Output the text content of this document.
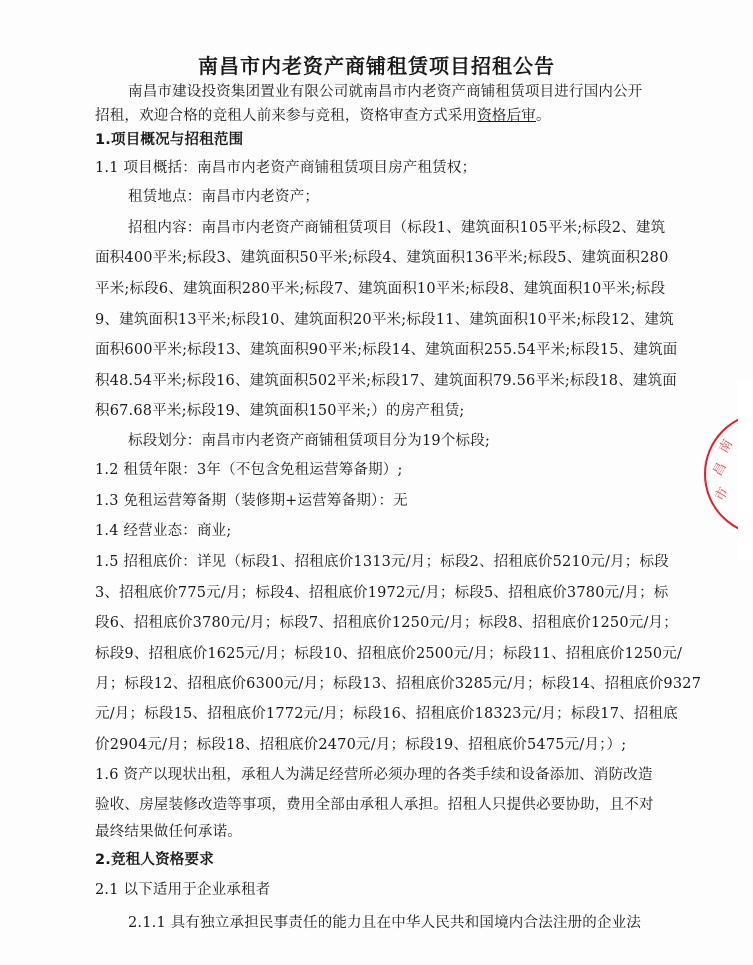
南昌市内老资产商铺租赁项目招租公告
南昌市建设投资集团置业有限公司就南昌市内老资产商铺租赁项目进行国内公开
招租，欢迎合格的竞租人前来参与竞租，资格审查方式采用资格后审。
1.项目概况与招租范围
1.1 项目概括：南昌市内老资产商铺租赁项目房产租赁权；
租赁地点：南昌市内老资产；
招租内容：南昌市内老资产商铺租赁项目（标段1、建筑面积105平米;标段2、建筑
面积400平米;标段3、建筑面积50平米;标段4、建筑面积136平米;标段5、建筑面积280
平米;标段6、建筑面积280平米;标段7、建筑面积10平米;标段8、建筑面积10平米;标段
9、建筑面积13平米;标段10、建筑面积20平米;标段11、建筑面积10平米;标段12、建筑
面积600平米;标段13、建筑面积90平米;标段14、建筑面积255.54平米;标段15、建筑面
积48.54平米;标段16、建筑面积502平米;标段17、建筑面积79.56平米;标段18、建筑面
积67.68平米;标段19、建筑面积150平米;）的房产租赁;
标段划分：南昌市内老资产商铺租赁项目分为19个标段;
1.2 租赁年限：3年（不包含免租运营筹备期）;
1.3 免租运营筹备期（装修期+运营筹备期）：无
1.4 经营业态：商业;
1.5 招租底价：详见（标段1、招租底价1313元/月；标段2、招租底价5210元/月；标段
3、招租底价775元/月；标段4、招租底价1972元/月；标段5、招租底价3780元/月；标
段6、招租底价3780元/月；标段7、招租底价1250元/月；标段8、招租底价1250元/月；
标段9、招租底价1625元/月；标段10、招租底价2500元/月；标段11、招租底价1250元/
月；标段12、招租底价6300元/月；标段13、招租底价3285元/月；标段14、招租底价9327
元/月；标段15、招租底价1772元/月；标段16、招租底价18323元/月；标段17、招租底
价2904元/月；标段18、招租底价2470元/月；标段19、招租底价5475元/月；）;
1.6 资产以现状出租，承租人为满足经营所必须办理的各类手续和设备添加、消防改造
验收、房屋装修改造等事项，费用全部由承租人承担。招租人只提供必要协助，且不对
最终结果做任何承诺。
2.竞租人资格要求
2.1 以下适用于企业承租者
2.1.1 具有独立承担民事责任的能力且在中华人民共和国境内合法注册的企业法
南
昌
市
